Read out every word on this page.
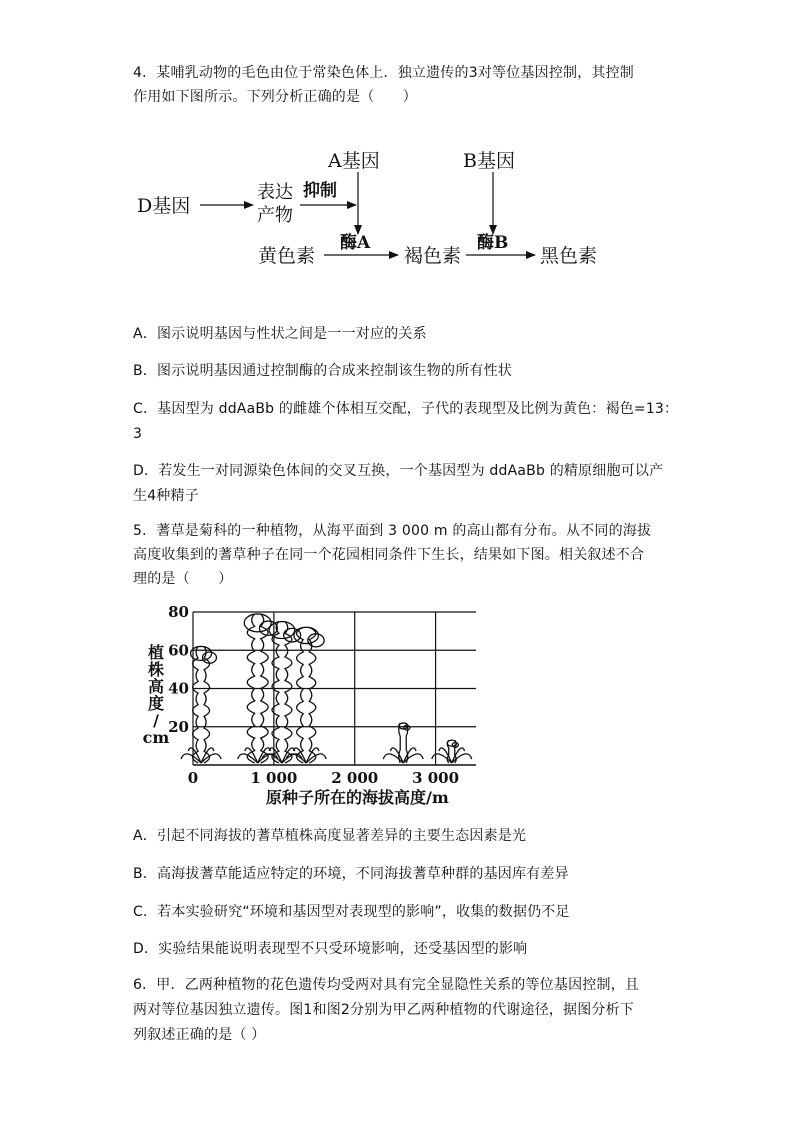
4．某哺乳动物的毛色由位于常染色体上．独立遗传的3对等位基因控制，其控制
作用如下图所示。下列分析正确的是（　　）
A基因	B基因
D基因
表达
产物
抑制
酶A	酶B
黄色素	褐色素	黑色素
A．图示说明基因与性状之间是一一对应的关系
B．图示说明基因通过控制酶的合成来控制该生物的所有性状
C．基因型为 ddAaBb 的雌雄个体相互交配，子代的表现型及比例为黄色：褐色=13：
3
D．若发生一对同源染色体间的交叉互换，一个基因型为 ddAaBb 的精原细胞可以产
生4种精子
5．蓍草是菊科的一种植物，从海平面到 3 000 m 的高山都有分布。从不同的海拔
高度收集到的蓍草种子在同一个花园相同条件下生长，结果如下图。相关叙述不合
理的是（　　）
20
40
60
80
0	1 000 2 000 3 000
植
株
高
度
/
cm
原种子所在的海拔高度/m
A．引起不同海拔的蓍草植株高度显著差异的主要生态因素是光
B．高海拔蓍草能适应特定的环境，不同海拔蓍草种群的基因库有差异
C．若本实验研究“环境和基因型对表现型的影响”，收集的数据仍不足
D．实验结果能说明表现型不只受环境影响，还受基因型的影响
6．甲．乙两种植物的花色遗传均受两对具有完全显隐性关系的等位基因控制，且
两对等位基因独立遗传。图1和图2分别为甲乙两种植物的代谢途径，据图分析下
列叙述正确的是（ ）
